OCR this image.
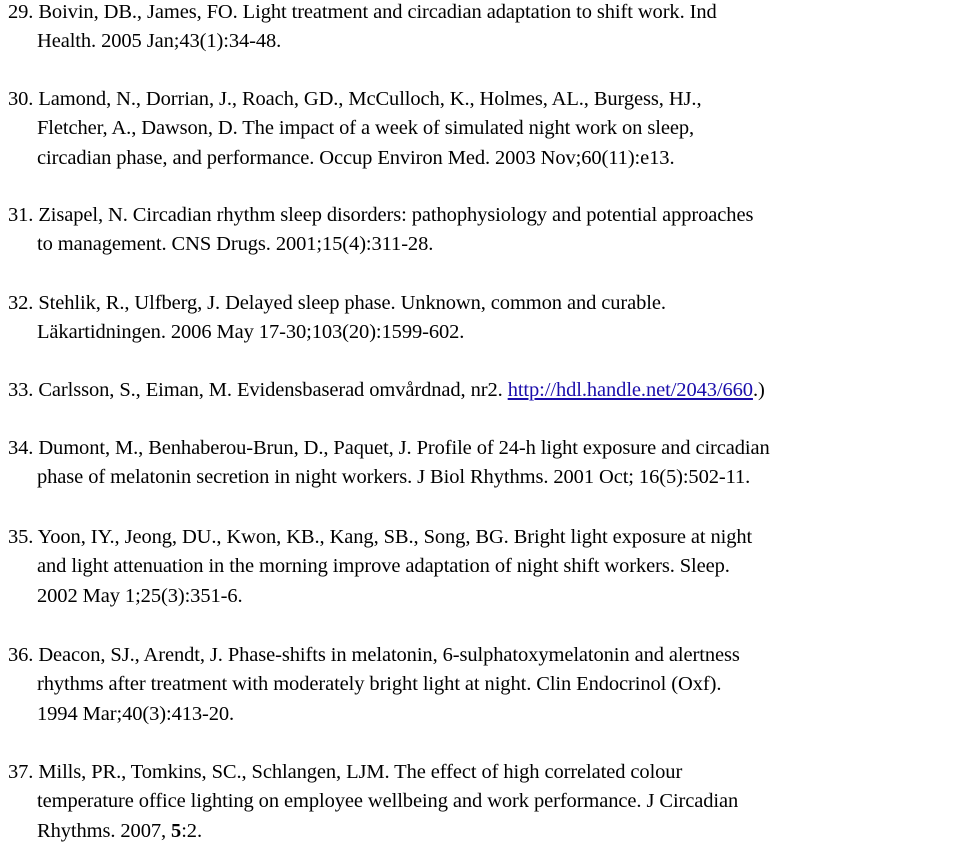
29. Boivin, DB., James, FO. Light treatment and circadian adaptation to shift work. Ind
Health. 2005 Jan;43(1):34-48.
30. Lamond, N., Dorrian, J., Roach, GD., McCulloch, K., Holmes, AL., Burgess, HJ.,
Fletcher, A., Dawson, D. The impact of a week of simulated night work on sleep,
circadian phase, and performance. Occup Environ Med. 2003 Nov;60(11):e13.
31. Zisapel, N. Circadian rhythm sleep disorders: pathophysiology and potential approaches
to management. CNS Drugs. 2001;15(4):311-28.
32. Stehlik, R., Ulfberg, J. Delayed sleep phase. Unknown, common and curable.
Läkartidningen. 2006 May 17-30;103(20):1599-602.
33. Carlsson, S., Eiman, M. Evidensbaserad omvårdnad, nr2. http://hdl.handle.net/2043/660.)
34. Dumont, M., Benhaberou-Brun, D., Paquet, J. Profile of 24-h light exposure and circadian
phase of melatonin secretion in night workers. J Biol Rhythms. 2001 Oct; 16(5):502-11.
35. Yoon, IY., Jeong, DU., Kwon, KB., Kang, SB., Song, BG. Bright light exposure at night
and light attenuation in the morning improve adaptation of night shift workers. Sleep.
2002 May 1;25(3):351-6.
36. Deacon, SJ., Arendt, J. Phase-shifts in melatonin, 6-sulphatoxymelatonin and alertness
rhythms after treatment with moderately bright light at night. Clin Endocrinol (Oxf).
1994 Mar;40(3):413-20.
37. Mills, PR., Tomkins, SC., Schlangen, LJM. The effect of high correlated colour
temperature office lighting on employee wellbeing and work performance. J Circadian
Rhythms. 2007, 5:2.
